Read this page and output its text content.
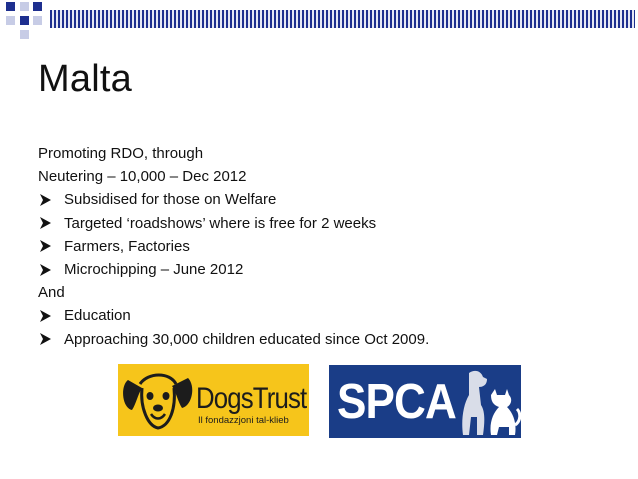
Malta
Promoting RDO, through
Neutering – 10,000 – Dec 2012
Subsidised for those on Welfare
Targeted ‘roadshows’ where is free for 2 weeks
Farmers, Factories
Microchipping – June 2012
And
Education
Approaching 30,000 children educated since Oct 2009.
DogsTrust
Il fondazzjoni tal-klieb SPCA
